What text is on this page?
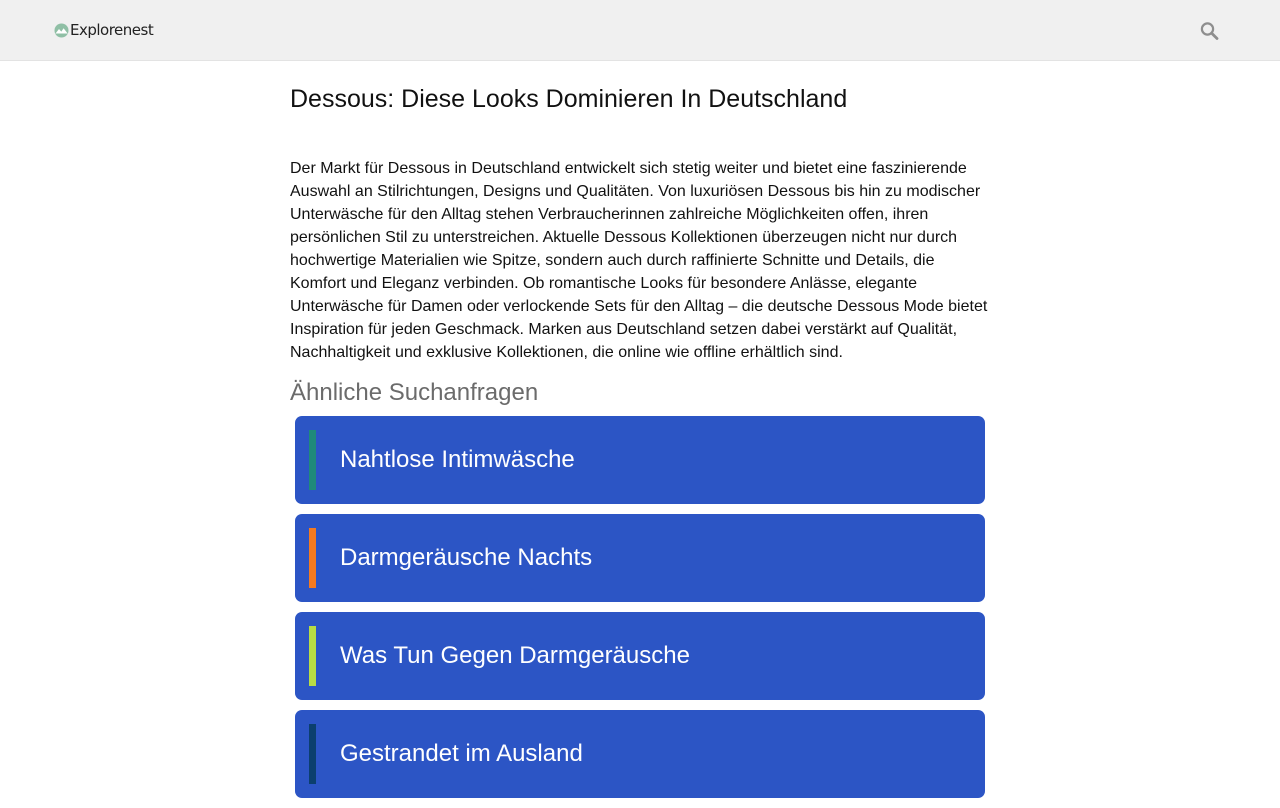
Explorenest
Dessous: Diese Looks Dominieren In Deutschland

Der Markt für Dessous in Deutschland entwickelt sich stetig weiter und bietet eine faszinierende Auswahl an Stilrichtungen, Designs und Qualitäten. Von luxuriösen Dessous bis hin zu modischer Unterwäsche für den Alltag stehen Verbraucherinnen zahlreiche Möglichkeiten offen, ihren persönlichen Stil zu unterstreichen. Aktuelle Dessous Kollektionen überzeugen nicht nur durch hochwertige Materialien wie Spitze, sondern auch durch raffinierte Schnitte und Details, die Komfort und Eleganz verbinden. Ob romantische Looks für besondere Anlässe, elegante Unterwäsche für Damen oder verlockende Sets für den Alltag – die deutsche Dessous Mode bietet Inspiration für jeden Geschmack. Marken aus Deutschland setzen dabei verstärkt auf Qualität, Nachhaltigkeit und exklusive Kollektionen, die online wie offline erhältlich sind.

Ähnliche Suchanfragen
Nahtlose Intimwäsche
Darmgeräusche Nachts
Was Tun Gegen Darmgeräusche
Gestrandet im Ausland
